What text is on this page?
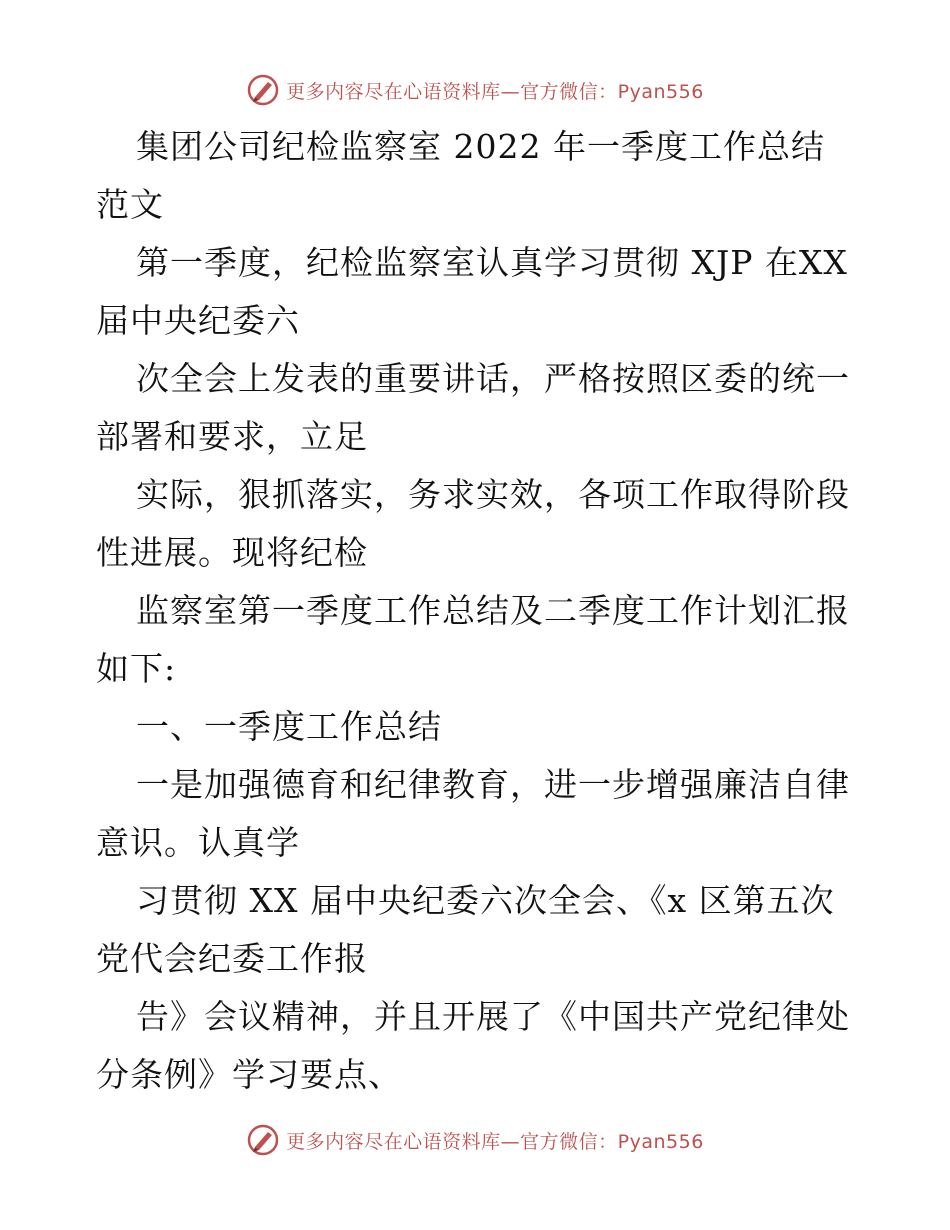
更多内容尽在心语资料库—官方微信：Pyan556

集团公司纪检监察室 2022 年一季度工作总结范文

第一季度，纪检监察室认真学习贯彻 XJP 在XX 届中央纪委六

次全会上发表的重要讲话，严格按照区委的统一部署和要求，立足

实际，狠抓落实，务求实效，各项工作取得阶段性进展。现将纪检

监察室第一季度工作总结及二季度工作计划汇报如下:

一、一季度工作总结

一是加强德育和纪律教育，进一步增强廉洁自律意识。认真学

习贯彻 XX 届中央纪委六次全会、《x 区第五次党代会纪委工作报

告》会议精神，并且开展了《中国共产党纪律处分条例》学习要点、

更多内容尽在心语资料库—官方微信：Pyan556
